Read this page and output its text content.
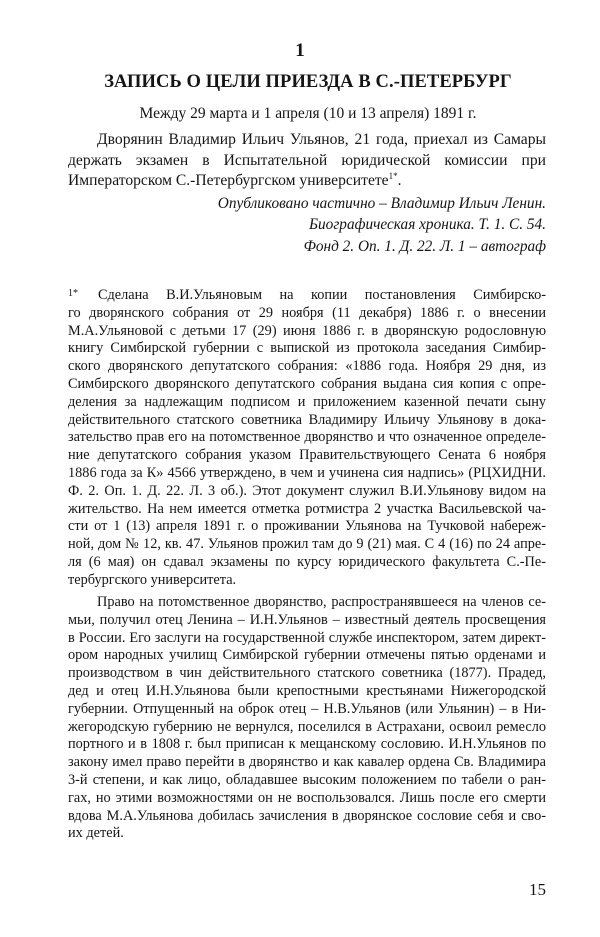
1
ЗАПИСЬ О ЦЕЛИ ПРИЕЗДА В С.-ПЕТЕРБУРГ
Между 29 марта и 1 апреля (10 и 13 апреля) 1891 г.
Дворянин Владимир Ильич Ульянов, 21 года, приехал из Самары
держать экзамен в Испытательной юридической комиссии при
Императорском С.-Петербургском университете$^{1*}$.
Опубликовано частично – Владимир Ильич Ленин.
Биографическая хроника. Т. 1. С. 54.
Фонд 2. Оп. 1. Д. 22. Л. 1 – автограф
1* Сделана В.И.Ульяновым на копии постановления Симбирско-
го дворянского собрания от 29 ноября (11 декабря) 1886 г. о внесении
М.А.Ульяновой с детьми 17 (29) июня 1886 г. в дворянскую родословную
книгу Симбирской губернии с выпиской из протокола заседания Симбир-
ского дворянского депутатского собрания: «1886 года. Ноября 29 дня, из
Симбирского дворянского депутатского собрания выдана сия копия с опре-
деления за надлежащим подписом и приложением казенной печати сыну
действительного статского советника Владимиру Ильичу Ульянову в дока-
зательство прав его на потомственное дворянство и что означенное определе-
ние депутатского собрания указом Правительствующего Сената 6 ноября
1886 года за К» 4566 утверждено, в чем и учинена сия надпись» (РЦХИДНИ.
Ф. 2. Оп. 1. Д. 22. Л. 3 об.). Этот документ служил В.И.Ульянову видом на
жительство. На нем имеется отметка ротмистра 2 участка Васильевской ча-
сти от 1 (13) апреля 1891 г. о проживании Ульянова на Тучковой набереж-
ной, дом № 12, кв. 47. Ульянов прожил там до 9 (21) мая. С 4 (16) по 24 апре-
ля (6 мая) он сдавал экзамены по курсу юридического факультета С.-Пе-
тербургского университета.
Право на потомственное дворянство, распространявшееся на членов се-
мьи, получил отец Ленина – И.Н.Ульянов – известный деятель просвещения
в России. Его заслуги на государственной службе инспектором, затем директ-
ором народных училищ Симбирской губернии отмечены пятью орденами и
производством в чин действительного статского советника (1877). Прадед,
дед и отец И.Н.Ульянова были крепостными крестьянами Нижегородской
губернии. Отпущенный на оброк отец – Н.В.Ульянов (или Ульянин) – в Ни-
жегородскую губернию не вернулся, поселился в Астрахани, освоил ремесло
портного и в 1808 г. был приписан к мещанскому сословию. И.Н.Ульянов по
закону имел право перейти в дворянство и как кавалер ордена Св. Владимира
3-й степени, и как лицо, обладавшее высоким положением по табели о ран-
гах, но этими возможностями он не воспользовался. Лишь после его смерти
вдова М.А.Ульянова добилась зачисления в дворянское сословие себя и сво-
их детей.
15
